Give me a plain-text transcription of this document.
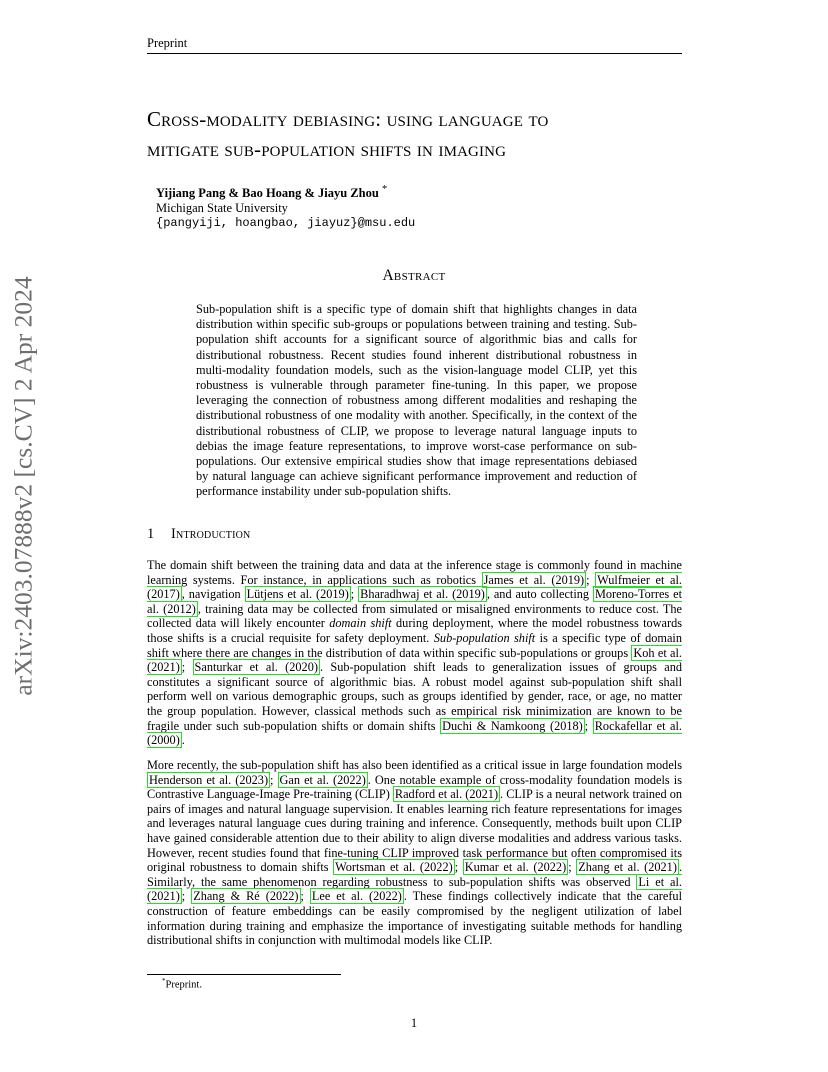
Preprint
arXiv:2403.07888v2 [cs.CV] 2 Apr 2024
Cross-modality debiasing: using language to
mitigate sub-population shifts in imaging
Yijiang Pang & Bao Hoang & Jiayu Zhou *
Michigan State University
{pangyiji, hoangbao, jiayuz}@msu.edu
Abstract
Sub-population shift is a specific type of domain shift that highlights changes in data distribution within specific sub-groups or populations between training and testing. Sub-population shift accounts for a significant source of algorithmic bias and calls for distributional robustness. Recent studies found inherent distributional robustness in multi-modality foundation models, such as the vision-language model CLIP, yet this robustness is vulnerable through parameter fine-tuning. In this paper, we propose leveraging the connection of robustness among different modalities and reshaping the distributional robustness of one modality with another. Specifically, in the context of the distributional robustness of CLIP, we propose to leverage natural language inputs to debias the image feature representations, to improve worst-case performance on sub-populations. Our extensive empirical studies show that image representations debiased by natural language can achieve significant performance improvement and reduction of performance instability under sub-population shifts.
1 Introduction

The domain shift between the training data and data at the inference stage is commonly found in machine learning systems. For instance, in applications such as robotics James et al. (2019) ; Wulfmeier et al. (2017) , navigation Lütjens et al. (2019) ; Bharadhwaj et al. (2019) , and auto collecting Moreno-Torres et al. (2012) , training data may be collected from simulated or misaligned environments to reduce cost. The collected data will likely encounter domain shift during deployment, where the model robustness towards those shifts is a crucial requisite for safety deployment. Sub-population shift is a specific type of domain shift where there are changes in the distribution of data within specific sub-populations or groups Koh et al. (2021) ; Santurkar et al. (2020) . Sub-population shift leads to generalization issues of groups and constitutes a significant source of algorithmic bias. A robust model against sub-population shift shall perform well on various demographic groups, such as groups identified by gender, race, or age, no matter the group population. However, classical methods such as empirical risk minimization are known to be fragile under such sub-population shifts or domain shifts Duchi & Namkoong (2018) ; Rockafellar et al. (2000) .

More recently, the sub-population shift has also been identified as a critical issue in large foundation models Henderson et al. (2023) ; Gan et al. (2022) . One notable example of cross-modality foundation models is Contrastive Language-Image Pre-training (CLIP) Radford et al. (2021) . CLIP is a neural network trained on pairs of images and natural language supervision. It enables learning rich feature representations for images and leverages natural language cues during training and inference. Consequently, methods built upon CLIP have gained considerable attention due to their ability to align diverse modalities and address various tasks. However, recent studies found that fine-tuning CLIP improved task performance but often compromised its original robustness to domain shifts Wortsman et al. (2022) ; Kumar et al. (2022) ; Zhang et al. (2021) . Similarly, the same phenomenon regarding robustness to sub-population shifts was observed Li et al. (2021) ; Zhang & Ré (2022) ; Lee et al. (2022) . These findings collectively indicate that the careful construction of feature embeddings can be easily compromised by the negligent utilization of label information during training and emphasize the importance of investigating suitable methods for handling distributional shifts in conjunction with multimodal models like CLIP.

*Preprint.
1
